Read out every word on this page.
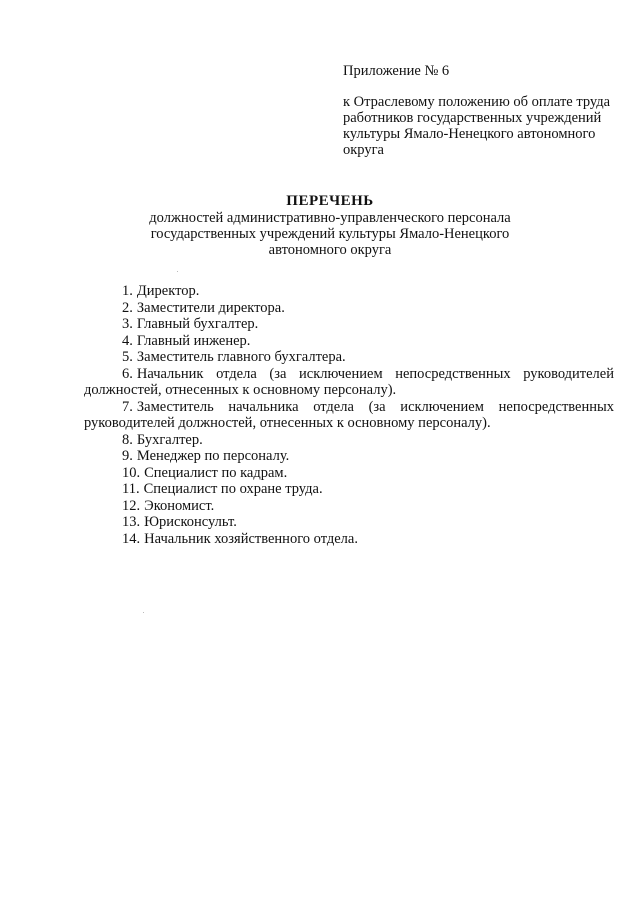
Приложение № 6
к Отраслевому положению об оплате труда работников государственных учреждений культуры Ямало-Ненецкого автономного округа
ПЕРЕЧЕНЬ
должностей административно-управленческого персонала государственных учреждений культуры Ямало-Ненецкого автономного округа
1. Директор.
2. Заместители директора.
3. Главный бухгалтер.
4. Главный инженер.
5. Заместитель главного бухгалтера.
6. Начальник отдела (за исключением непосредственных руководителей должностей, отнесенных к основному персоналу).
7. Заместитель начальника отдела (за исключением непосредственных руководителей должностей, отнесенных к основному персоналу).
8. Бухгалтер.
9. Менеджер по персоналу.
10. Специалист по кадрам.
11. Специалист по охране труда.
12. Экономист.
13. Юрисконсульт.
14. Начальник хозяйственного отдела.
